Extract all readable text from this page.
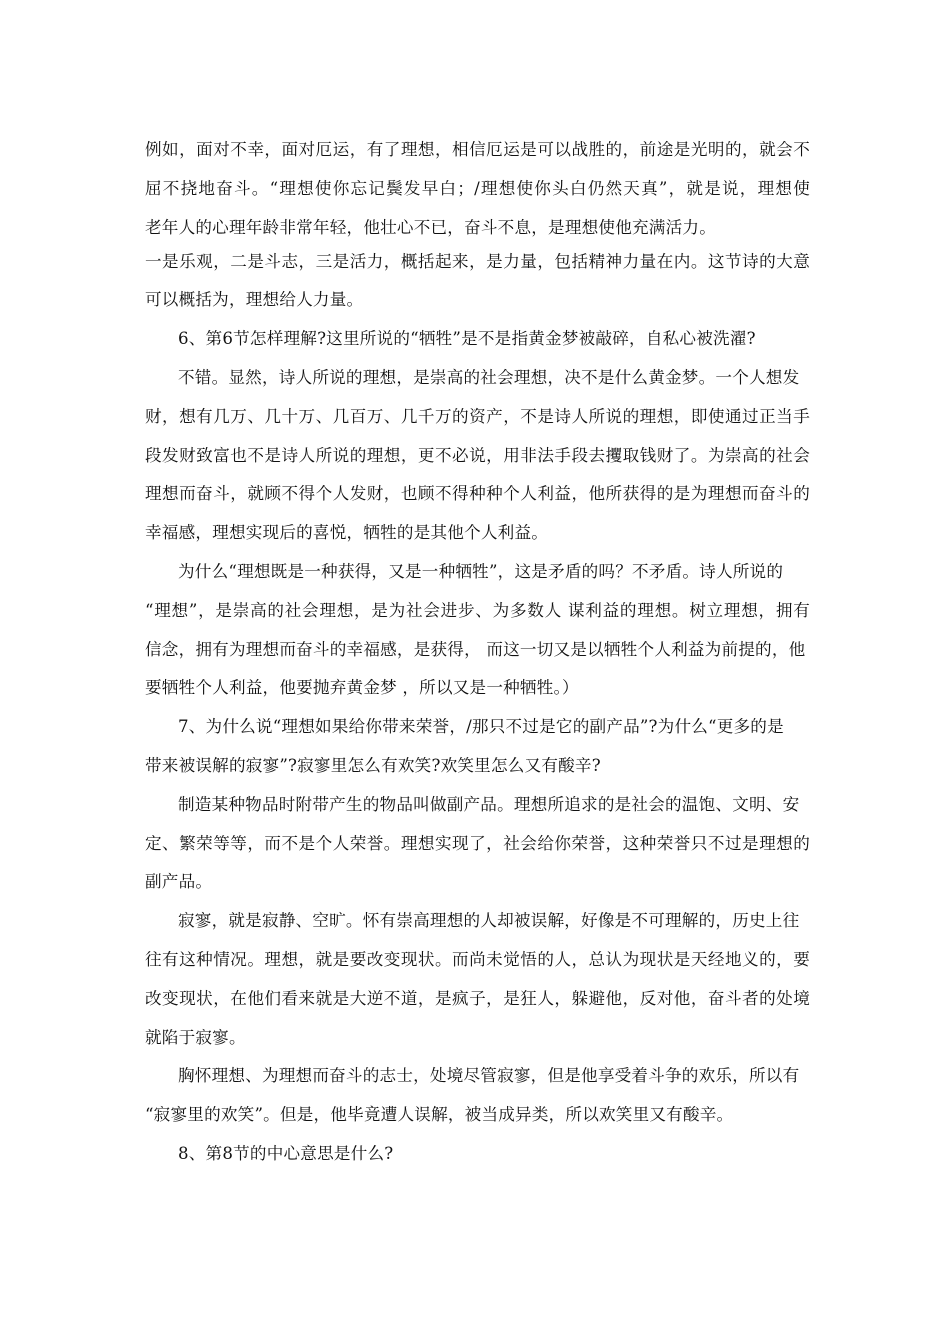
例如，面对不幸，面对厄运，有了理想，相信厄运是可以战胜的，前途是光明的，就会不

屈不挠地奋斗。“理想使你忘记鬓发早白；/理想使你头白仍然天真”，就是说，理想使

老年人的心理年龄非常年轻，他壮心不已，奋斗不息，是理想使他充满活力。

一是乐观，二是斗志，三是活力，概括起来，是力量，包括精神力量在内。这节诗的大意

可以概括为，理想给人力量。

6、第6节怎样理解?这里所说的“牺牲”是不是指黄金梦被敲碎，自私心被洗濯?

不错。显然，诗人所说的理想，是崇高的社会理想，决不是什么黄金梦。一个人想发

财，想有几万、几十万、几百万、几千万的资产，不是诗人所说的理想，即使通过正当手

段发财致富也不是诗人所说的理想，更不必说，用非法手段去攫取钱财了。为崇高的社会

理想而奋斗，就顾不得个人发财，也顾不得种种个人利益，他所获得的是为理想而奋斗的

幸福感，理想实现后的喜悦，牺牲的是其他个人利益。

为什么“理想既是一种获得，又是一种牺牲”，这是矛盾的吗？不矛盾。诗人所说的

“理想”，是崇高的社会理想，是为社会进步、为多数人 谋利益的理想。树立理想，拥有

信念，拥有为理想而奋斗的幸福感，是获得， 而这一切又是以牺牲个人利益为前提的，他

要牺牲个人利益，他要抛弃黄金梦 ，所以又是一种牺牲。）

7、为什么说“理想如果给你带来荣誉，/那只不过是它的副产品”?为什么“更多的是

带来被误解的寂寥”?寂寥里怎么有欢笑?欢笑里怎么又有酸辛?

制造某种物品时附带产生的物品叫做副产品。理想所追求的是社会的温饱、文明、安

定、繁荣等等，而不是个人荣誉。理想实现了，社会给你荣誉，这种荣誉只不过是理想的

副产品。

寂寥，就是寂静、空旷。怀有崇高理想的人却被误解，好像是不可理解的，历史上往

往有这种情况。理想，就是要改变现状。而尚未觉悟的人，总认为现状是天经地义的，要

改变现状，在他们看来就是大逆不道，是疯子，是狂人，躲避他，反对他，奋斗者的处境

就陷于寂寥。

胸怀理想、为理想而奋斗的志士，处境尽管寂寥，但是他享受着斗争的欢乐，所以有

“寂寥里的欢笑”。但是，他毕竟遭人误解，被当成异类，所以欢笑里又有酸辛。

8、第8节的中心意思是什么?
